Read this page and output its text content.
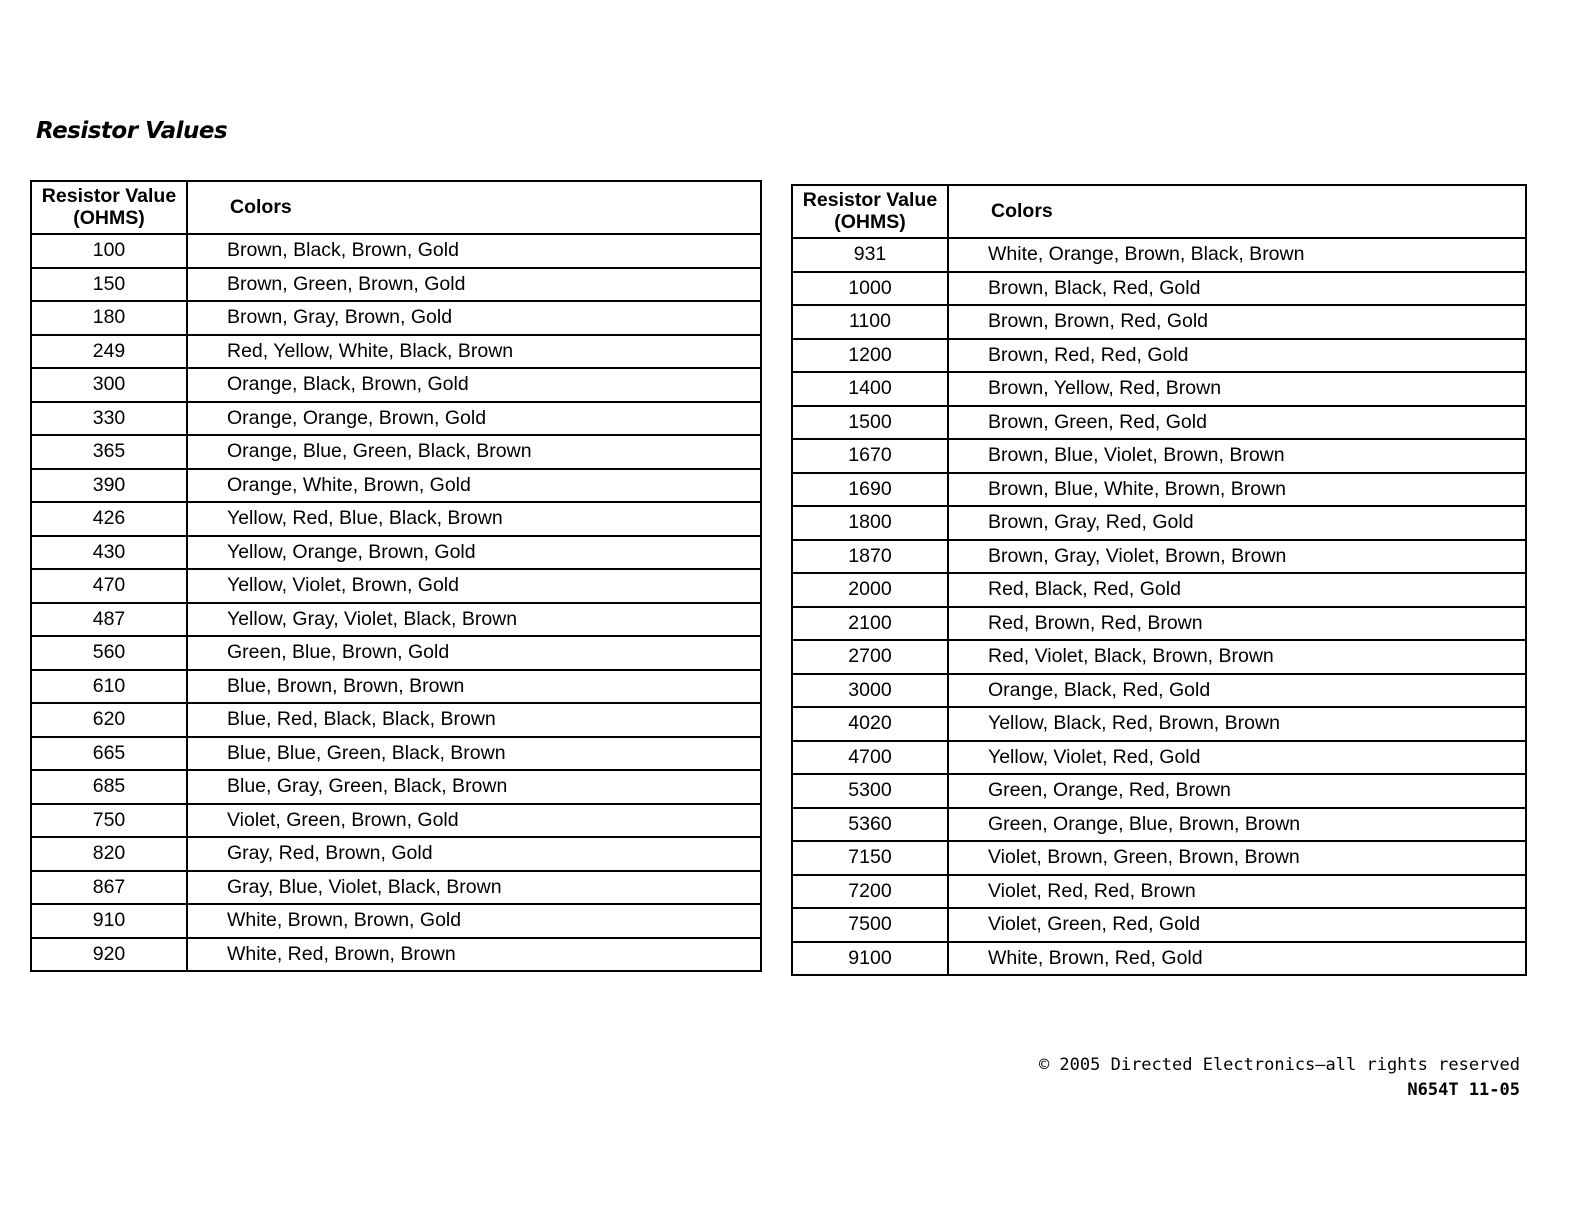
Resistor Values
Resistor Value (OHMS)	Colors
100	Brown, Black, Brown, Gold
150	Brown, Green, Brown, Gold
180	Brown, Gray, Brown, Gold
249	Red, Yellow, White, Black, Brown
300	Orange, Black, Brown, Gold
330	Orange, Orange, Brown, Gold
365	Orange, Blue, Green, Black, Brown
390	Orange, White, Brown, Gold
426	Yellow, Red, Blue, Black, Brown
430	Yellow, Orange, Brown, Gold
470	Yellow, Violet, Brown, Gold
487	Yellow, Gray, Violet, Black, Brown
560	Green, Blue, Brown, Gold
610	Blue, Brown, Brown, Brown
620	Blue, Red, Black, Black, Brown
665	Blue, Blue, Green, Black, Brown
685	Blue, Gray, Green, Black, Brown
750	Violet, Green, Brown, Gold
820	Gray, Red, Brown, Gold
867	Gray, Blue, Violet, Black, Brown
910	White, Brown, Brown, Gold
920	White, Red, Brown, Brown
Resistor Value (OHMS)	Colors
931	White, Orange, Brown, Black, Brown
1000	Brown, Black, Red, Gold
1100	Brown, Brown, Red, Gold
1200	Brown, Red, Red, Gold
1400	Brown, Yellow, Red, Brown
1500	Brown, Green, Red, Gold
1670	Brown, Blue, Violet, Brown, Brown
1690	Brown, Blue, White, Brown, Brown
1800	Brown, Gray, Red, Gold
1870	Brown, Gray, Violet, Brown, Brown
2000	Red, Black, Red, Gold
2100	Red, Brown, Red, Brown
2700	Red, Violet, Black, Brown, Brown
3000	Orange, Black, Red, Gold
4020	Yellow, Black, Red, Brown, Brown
4700	Yellow, Violet, Red, Gold
5300	Green, Orange, Red, Brown
5360	Green, Orange, Blue, Brown, Brown
7150	Violet, Brown, Green, Brown, Brown
7200	Violet, Red, Red, Brown
7500	Violet, Green, Red, Gold
9100	White, Brown, Red, Gold
© 2005 Directed Electronics—all rights reserved
N654T 11-05
